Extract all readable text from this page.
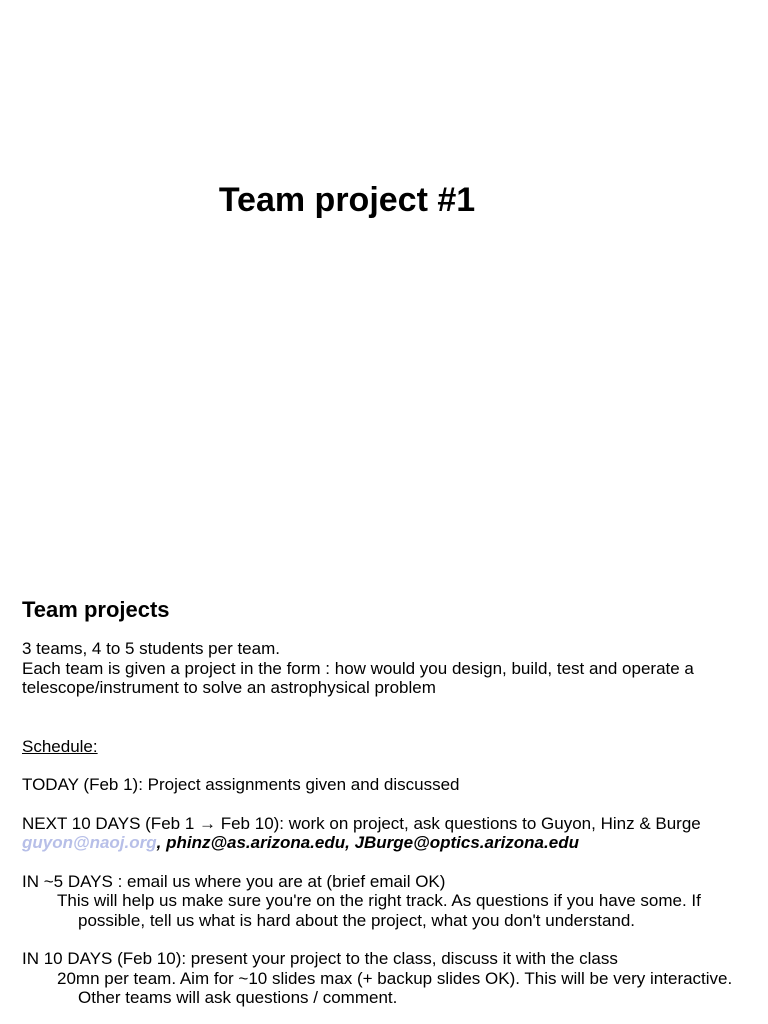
Team project #1
Team projects

3 teams, 4 to 5 students per team.

Each team is given a project in the form : how would you design, build, test and operate a telescope/instrument to solve an astrophysical problem

Schedule:

TODAY (Feb 1): Project assignments given and discussed

NEXT 10 DAYS (Feb 1 → Feb 10): work on project, ask questions to Guyon, Hinz & Burge

guyon@naoj.org, phinz@as.arizona.edu, JBurge@optics.arizona.edu

IN ~5 DAYS : email us where you are at (brief email OK)

This will help us make sure you're on the right track. As questions if you have some. If possible, tell us what is hard about the project, what you don't understand.

IN 10 DAYS (Feb 10): present your project to the class, discuss it with the class

20mn per team. Aim for ~10 slides max (+ backup slides OK). This will be very interactive. Other teams will ask questions / comment.
